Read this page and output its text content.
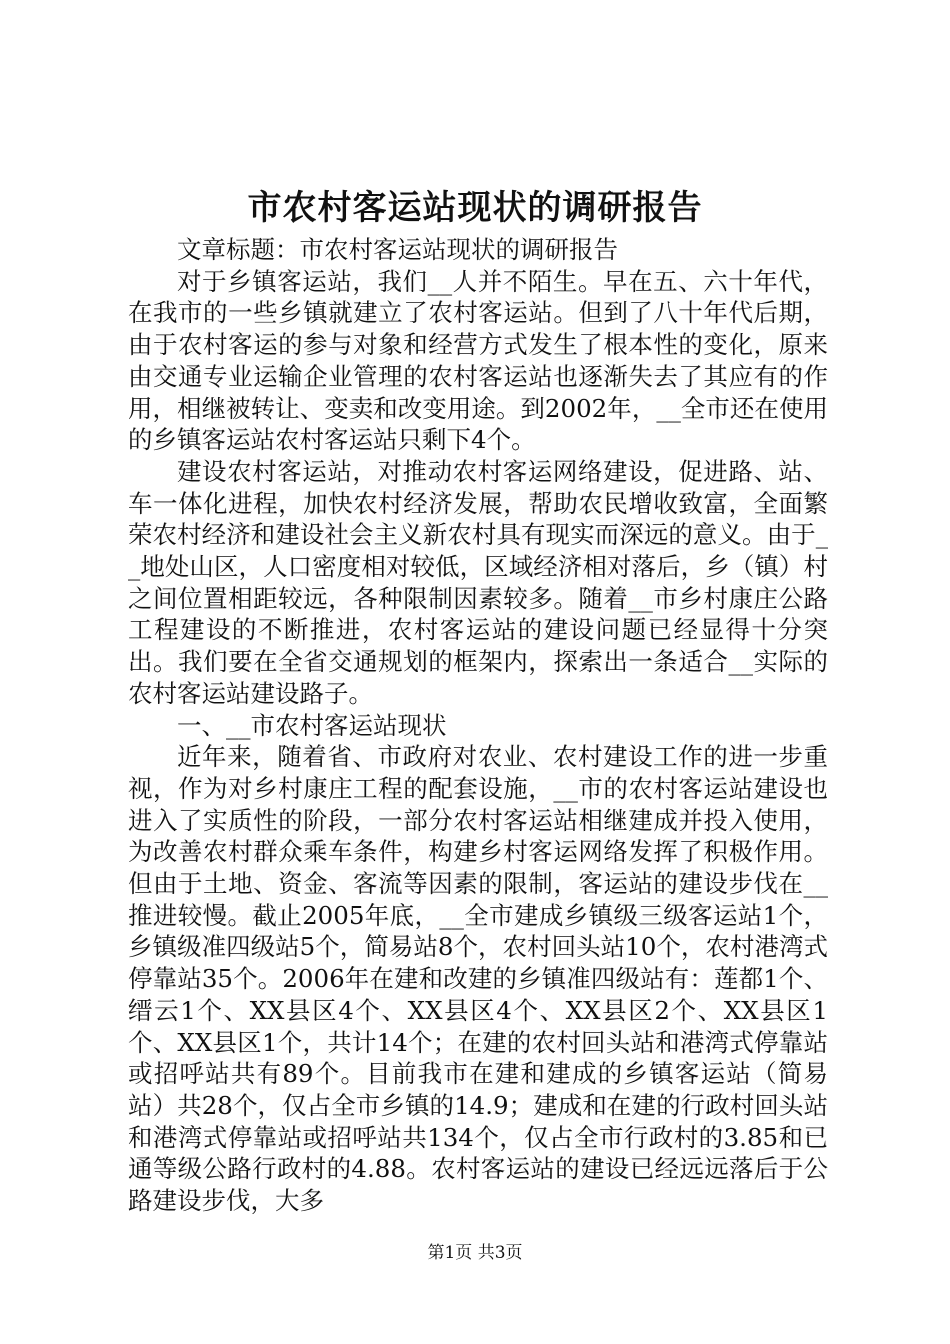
市农村客运站现状的调研报告

文章标题：市农村客运站现状的调研报告

对于乡镇客运站，我们__人并不陌生。早在五、六十年代，在我市的一些乡镇就建立了农村客运站。但到了八十年代后期，由于农村客运的参与对象和经营方式发生了根本性的变化，原来由交通专业运输企业管理的农村客运站也逐渐失去了其应有的作用，相继被转让、变卖和改变用途。到2002年，__全市还在使用的乡镇客运站农村客运站只剩下4个。

建设农村客运站，对推动农村客运网络建设，促进路、站、车一体化进程，加快农村经济发展，帮助农民增收致富，全面繁荣农村经济和建设社会主义新农村具有现实而深远的意义。由于__地处山区，人口密度相对较低，区域经济相对落后，乡（镇）村之间位置相距较远，各种限制因素较多。随着__市乡村康庄公路工程建设的不断推进，农村客运站的建设问题已经显得十分突出。我们要在全省交通规划的框架内，探索出一条适合__实际的农村客运站建设路子。

一、__市农村客运站现状

近年来，随着省、市政府对农业、农村建设工作的进一步重视，作为对乡村康庄工程的配套设施，__市的农村客运站建设也进入了实质性的阶段，一部分农村客运站相继建成并投入使用，为改善农村群众乘车条件，构建乡村客运网络发挥了积极作用。但由于土地、资金、客流等因素的限制，客运站的建设步伐在__推进较慢。截止2005年底，__全市建成乡镇级三级客运站1个，乡镇级准四级站5个，简易站8个，农村回头站10个，农村港湾式停靠站35个。2006年在建和改建的乡镇准四级站有：莲都1个、缙云1个、XX县区4个、XX县区4个、XX县区2个、XX县区1个、XX县区1个，共计14个；在建的农村回头站和港湾式停靠站或招呼站共有89个。目前我市在建和建成的乡镇客运站（简易站）共28个，仅占全市乡镇的14.9；建成和在建的行政村回头站和港湾式停靠站或招呼站共134个，仅占全市行政村的3.85和已通等级公路行政村的4.88。农村客运站的建设已经远远落后于公路建设步伐，大多

第1页 共3页
